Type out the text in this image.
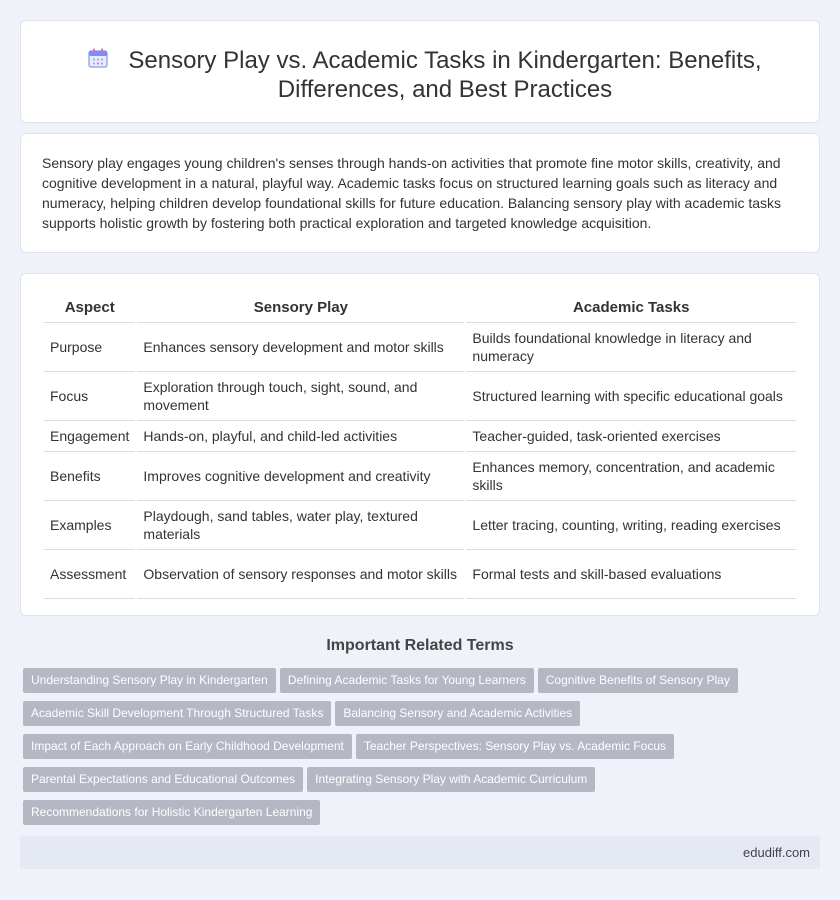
Sensory Play vs. Academic Tasks in Kindergarten: Benefits, Differences, and Best Practices

Sensory play engages young children's senses through hands-on activities that promote fine motor skills, creativity, and cognitive development in a natural, playful way. Academic tasks focus on structured learning goals such as literacy and numeracy, helping children develop foundational skills for future education. Balancing sensory play with academic tasks supports holistic growth by fostering both practical exploration and targeted knowledge acquisition.

Aspect	Sensory Play	Academic Tasks
Purpose	Enhances sensory development and motor skills	Builds foundational knowledge in literacy and numeracy
Focus	Exploration through touch, sight, sound, and movement	Structured learning with specific educational goals
Engagement	Hands-on, playful, and child-led activities	Teacher-guided, task-oriented exercises
Benefits	Improves cognitive development and creativity	Enhances memory, concentration, and academic skills
Examples	Playdough, sand tables, water play, textured materials	Letter tracing, counting, writing, reading exercises
Assessment	Observation of sensory responses and motor skills	Formal tests and skill-based evaluations
Important Related Terms
Understanding Sensory Play in Kindergarten Defining Academic Tasks for Young Learners Cognitive Benefits of Sensory Play
Academic Skill Development Through Structured Tasks Balancing Sensory and Academic Activities
Impact of Each Approach on Early Childhood Development Teacher Perspectives: Sensory Play vs. Academic Focus
Parental Expectations and Educational Outcomes Integrating Sensory Play with Academic Curriculum
Recommendations for Holistic Kindergarten Learning
edudiff.com
